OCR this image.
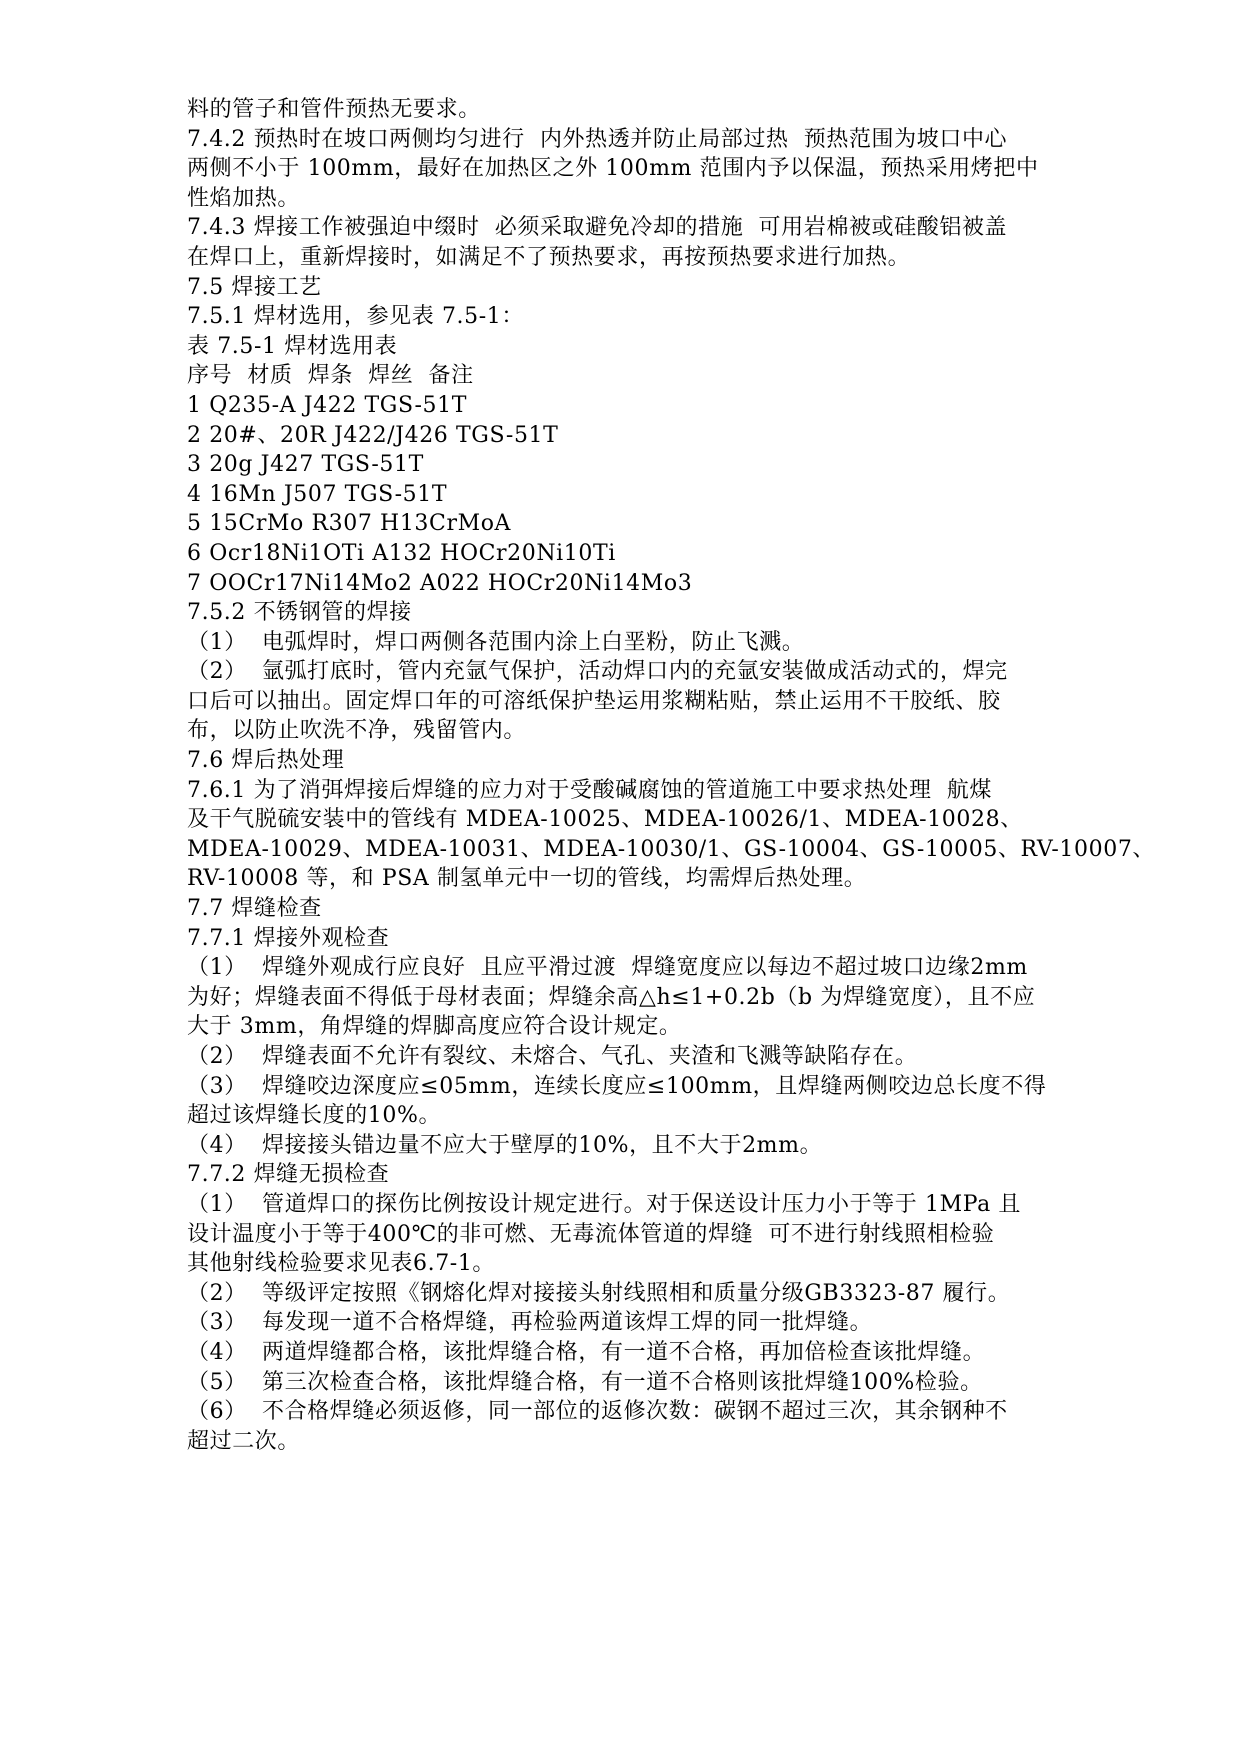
料的管子和管件预热无要求。
7.4.2 预热时在坡口两侧均匀进行  内外热透并防止局部过热  预热范围为坡口中心
两侧不小于 100mm，最好在加热区之外 100mm 范围内予以保温，预热采用烤把中
性焰加热。
7.4.3 焊接工作被强迫中缀时  必须采取避免冷却的措施  可用岩棉被或硅酸铝被盖
在焊口上，重新焊接时，如满足不了预热要求，再按预热要求进行加热。
7.5 焊接工艺
7.5.1 焊材选用，参见表 7.5-1：
表 7.5-1 焊材选用表
序号  材质  焊条  焊丝  备注
1 Q235-A J422 TGS-51T
2 20#、20R J422/J426 TGS-51T
3 20g J427 TGS-51T
4 16Mn J507 TGS-51T
5 15CrMo R307 H13CrMoA
6 Ocr18Ni1OTi A132 HOCr20Ni10Ti
7 OOCr17Ni14Mo2 A022 HOCr20Ni14Mo3
7.5.2 不锈钢管的焊接
（1）  电弧焊时，焊口两侧各范围内涂上白垩粉，防止飞溅。
（2）  氩弧打底时，管内充氩气保护，活动焊口内的充氩安装做成活动式的，焊完
口后可以抽出。固定焊口年的可溶纸保护垫运用浆糊粘贴，禁止运用不干胶纸、胶
布，以防止吹洗不净，残留管内。
7.6 焊后热处理
7.6.1 为了消弭焊接后焊缝的应力对于受酸碱腐蚀的管道施工中要求热处理  航煤
及干气脱硫安装中的管线有 MDEA-10025、MDEA-10026/1、MDEA-10028、
MDEA-10029、MDEA-10031、MDEA-10030/1、GS-10004、GS-10005、RV-10007、
RV-10008 等，和 PSA 制氢单元中一切的管线，均需焊后热处理。
7.7 焊缝检查
7.7.1 焊接外观检查
（1）  焊缝外观成行应良好  且应平滑过渡  焊缝宽度应以每边不超过坡口边缘2mm
为好；焊缝表面不得低于母材表面；焊缝余高△h≤1+0.2b（b 为焊缝宽度），且不应
大于 3mm，角焊缝的焊脚高度应符合设计规定。
（2）  焊缝表面不允许有裂纹、未熔合、气孔、夹渣和飞溅等缺陷存在。
（3）  焊缝咬边深度应≤05mm，连续长度应≤100mm，且焊缝两侧咬边总长度不得
超过该焊缝长度的10%。
（4）  焊接接头错边量不应大于壁厚的10%，且不大于2mm。
7.7.2 焊缝无损检查
（1）  管道焊口的探伤比例按设计规定进行。对于保送设计压力小于等于 1MPa 且
设计温度小于等于400℃的非可燃、无毒流体管道的焊缝  可不进行射线照相检验
其他射线检验要求见表6.7-1。
（2）  等级评定按照《钢熔化焊对接接头射线照相和质量分级GB3323-87 履行。
（3）  每发现一道不合格焊缝，再检验两道该焊工焊的同一批焊缝。
（4）  两道焊缝都合格，该批焊缝合格，有一道不合格，再加倍检查该批焊缝。
（5）  第三次检查合格，该批焊缝合格，有一道不合格则该批焊缝100%检验。
（6）  不合格焊缝必须返修，同一部位的返修次数：碳钢不超过三次，其余钢种不
超过二次。
